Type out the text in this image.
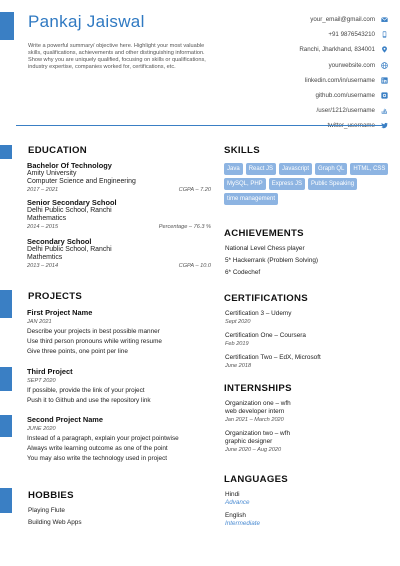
Pankaj Jaiswal
Write a powerful summary/ objective here. Highlight your most valuable skills, qualifications, achievements and other distinguishing information. Show why you are uniquely qualified, focusing on skills or qualifications, industry expertise, companies worked for, certifications, etc.
your_email@gmail.com
+91 9876543210
Ranchi, Jharkhand, 834001
yourwebsite.com
linkedin.com/in/username
github.com/username
/user/1212/username
EDUCATION
Bachelor Of Technology
Amity University
Computer Science and Engineering
2017 – 2021	CGPA – 7.20
Senior Secondary School
Delhi Public School, Ranchi
Mathematics
2014 – 2015	Percentage – 76.3 %
Secondary School
Delhi Public School, Ranchi
Mathemtics
2013 – 2014	CGPA – 10.0
PROJECTS
First Project Name
JAN 2021
Describe your projects in best possible manner
Use third person pronouns while writing resume
Give three points, one point per line
Third Project
SEPT 2020
If possible, provide the link of your project
Push it to Github and use the repository link
Second Project Name
JUNE 2020
Instead of a paragraph, explain your project pointwise
Always write learning outcome as one of the point
You may also write the technology used in project
HOBBIES
Playing Flute
Building Web Apps
SKILLS
Java	React JS	Javascript	Graph QL	HTML, CSS
MySQL, PHP	Express JS	Public Speaking
time management
ACHIEVEMENTS
National Level Chess player
5* Hackerrank (Problem Solving)
6* Codechef
CERTIFICATIONS
Certification 3 – Udemy
Sept 2020
Certification One – Coursera
Feb 2019
Certification Two – EdX, Microsoft
June 2018
INTERNSHIPS
Organization one – wfh
web developer intern
Jan 2021 – March 2020
Organization two – wfh
graphic designer
June 2020 – Aug 2020
LANGUAGES
Hindi
Advance
English
Intermediate
